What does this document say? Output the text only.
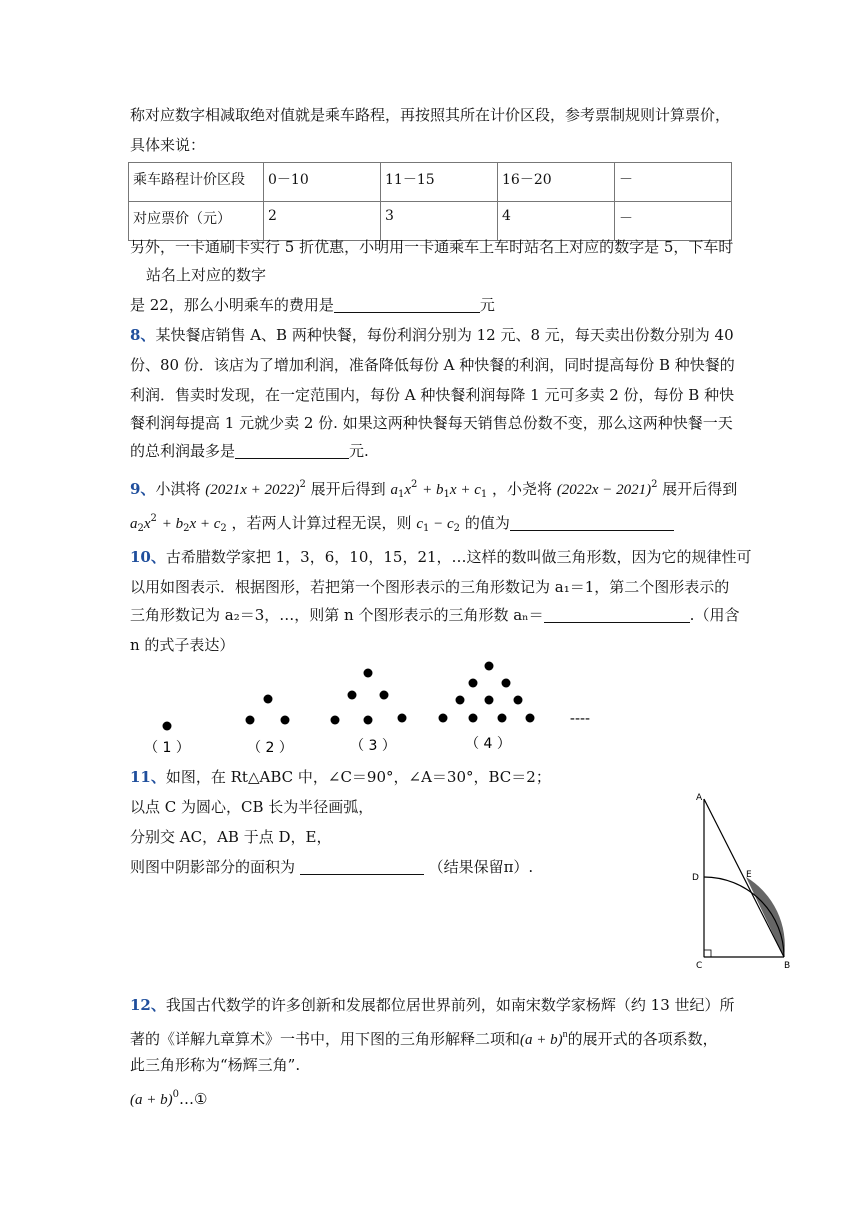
称对应数字相减取绝对值就是乘车路程，再按照其所在计价区段，参考票制规则计算票价，
具体来说：
乘车路程计价区段	0－10	11－15	16－20	－
对应票价（元）	2	3	4	－
另外，一卡通刷卡实行 5 折优惠，小明用一卡通乘车上车时站名上对应的数字是 5，下车时
站名上对应的数字
是 22，那么小明乘车的费用是	元
8、某快餐店销售 A、B 两种快餐，每份利润分别为 12 元、8 元，每天卖出份数分别为 40
份、80 份．该店为了增加利润，准备降低每份 A 种快餐的利润，同时提高每份 B 种快餐的
利润．售卖时发现，在一定范围内，每份 A 种快餐利润每降 1 元可多卖 2 份，每份 B 种快
餐利润每提高 1 元就少卖 2 份. 如果这两种快餐每天销售总份数不变，那么这两种快餐一天
的总利润最多是	元.
9、小淇将 $(2021x + 2022)^2$ 展开后得到 $a_1x^2 + b_1x + c_1$ ，小尧将 $(2022x - 2021)^2$ 展开后得到
$a_2x^2 + b_2x + c_2$ ，若两人计算过程无误，则 $c_1 - c_2$ 的值为
10、古希腊数学家把 1，3，6，10，15，21，…这样的数叫做三角形数，因为它的规律性可
以用如图表示．根据图形，若把第一个图形表示的三角形数记为 a₁＝1，第二个图形表示的
三角形数记为 a₂＝3，…，则第 n 个图形表示的三角形数 aₙ＝	.（用含
n 的式子表达）
（ 1 ）	（ 2 ）	（ 3 ）	（ 4 ）
----
11、如图，在 Rt△ABC 中，∠C＝90°，∠A＝30°，BC＝2；
以点 C 为圆心，CB 长为半径画弧，
分别交 AC，AB 于点 D，E，
则图中阴影部分的面积为	（结果保留π）.
A
D	E
C	B
12、我国古代数学的许多创新和发展都位居世界前列，如南宋数学家杨辉（约 13 世纪）所
著的《详解九章算术》一书中，用下图的三角形解释二项和$(a + b)^n$的展开式的各项系数，
此三角形称为“杨辉三角”.
$(a + b)^0\dots ①$
